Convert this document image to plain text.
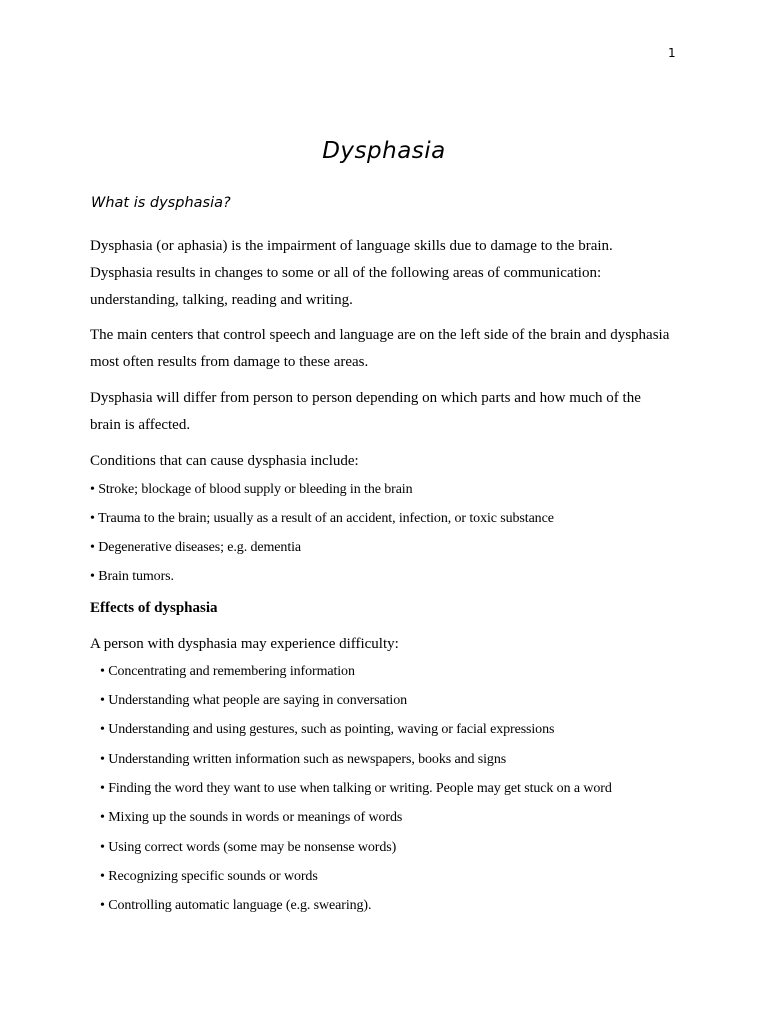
1
Dysphasia
What is dysphasia?
Dysphasia (or aphasia) is the impairment of language skills due to damage to the brain.
Dysphasia results in changes to some or all of the following areas of communication:
understanding, talking, reading and writing.
The main centers that control speech and language are on the left side of the brain and dysphasia
most often results from damage to these areas.
Dysphasia will differ from person to person depending on which parts and how much of the
brain is affected.
Conditions that can cause dysphasia include:
• Stroke; blockage of blood supply or bleeding in the brain
• Trauma to the brain; usually as a result of an accident, infection, or toxic substance
• Degenerative diseases; e.g. dementia
• Brain tumors.
Effects of dysphasia
A person with dysphasia may experience difficulty:
• Concentrating and remembering information
• Understanding what people are saying in conversation
• Understanding and using gestures, such as pointing, waving or facial expressions
• Understanding written information such as newspapers, books and signs
• Finding the word they want to use when talking or writing. People may get stuck on a word
• Mixing up the sounds in words or meanings of words
• Using correct words (some may be nonsense words)
• Recognizing specific sounds or words
• Controlling automatic language (e.g. swearing).
